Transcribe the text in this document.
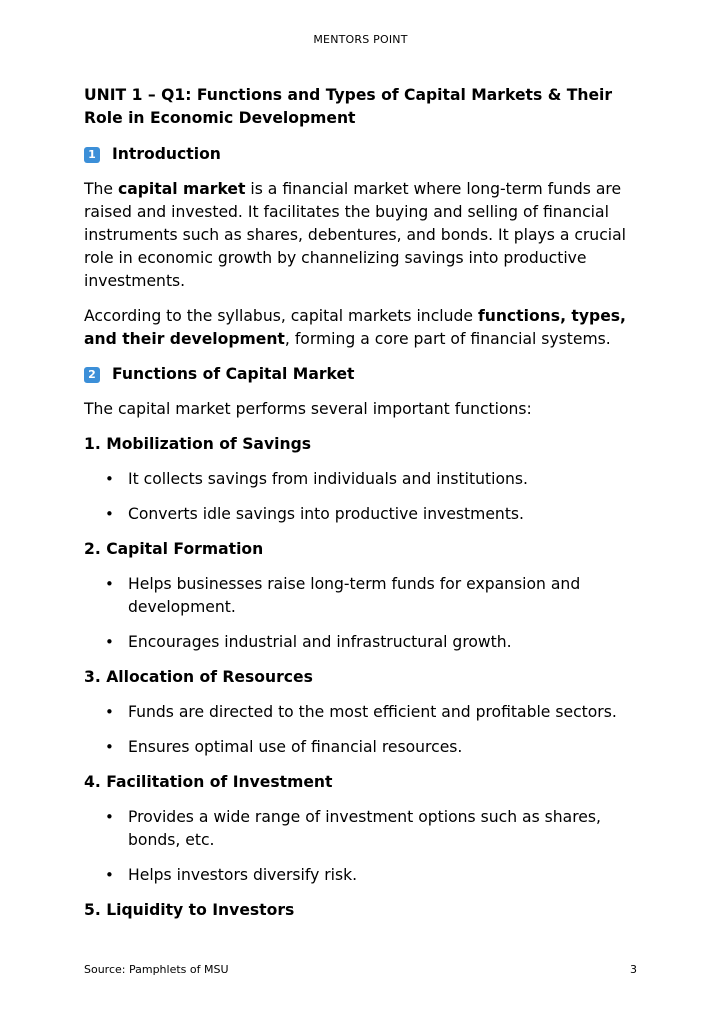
MENTORS POINT
UNIT 1 – Q1: Functions and Types of Capital Markets & Their Role in Economic Development
1 Introduction

The capital market is a financial market where long-term funds are raised and invested. It facilitates the buying and selling of financial instruments such as shares, debentures, and bonds. It plays a crucial role in economic growth by channelizing savings into productive investments.

According to the syllabus, capital markets include functions, types, and their development, forming a core part of financial systems.

2 Functions of Capital Market

The capital market performs several important functions:

1. Mobilization of Savings
• It collects savings from individuals and institutions.
• Converts idle savings into productive investments.
2. Capital Formation
• Helps businesses raise long-term funds for expansion and development.
• Encourages industrial and infrastructural growth.
3. Allocation of Resources
• Funds are directed to the most efficient and profitable sectors.
• Ensures optimal use of financial resources.
4. Facilitation of Investment
• Provides a wide range of investment options such as shares, bonds, etc.
• Helps investors diversify risk.
5. Liquidity to Investors
Source: Pamphlets of MSU	3
